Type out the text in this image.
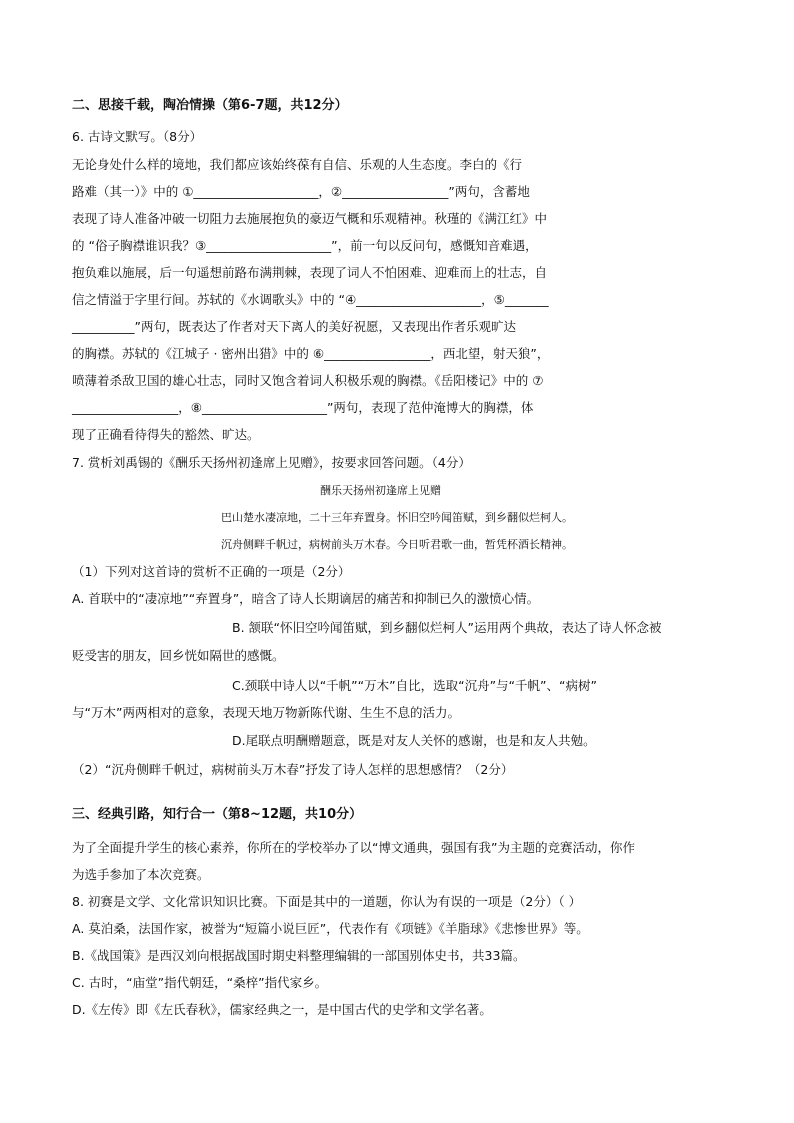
二、思接千载，陶冶情操（第6-7题，共12分）
6. 古诗文默写。（8分）
无论身处什么样的境地，我们都应该始终葆有自信、乐观的人生态度。李白的《行
路难（其一）》中的 ①____________________，②_________________”两句，含蓄地
表现了诗人准备冲破一切阻力去施展抱负的豪迈气概和乐观精神。秋瑾的《满江红》中
的 “俗子胸襟谁识我？③____________________”，前一句以反问句，感慨知音难遇，
抱负难以施展，后一句遥想前路布满荆棘，表现了词人不怕困难、迎难而上的壮志，自
信之情溢于字里行间。苏轼的《水调歌头》中的 “④____________________，⑤_______
__________”两句，既表达了作者对天下离人的美好祝愿，又表现出作者乐观旷达
的胸襟。苏轼的《江城子 · 密州出猎》中的 ⑥_________________，西北望，射天狼”，
喷薄着杀敌卫国的雄心壮志，同时又饱含着词人积极乐观的胸襟。《岳阳楼记》中的 ⑦
_________________，⑧____________________”两句，表现了范仲淹博大的胸襟，体
现了正确看待得失的豁然、旷达。
7. 赏析刘禹锡的《酬乐天扬州初逢席上见赠》，按要求回答问题。（4分）
酬乐天扬州初逢席上见赠
巴山楚水凄凉地，二十三年弃置身。怀旧空吟闻笛赋，到乡翻似烂柯人。
沉舟侧畔千帆过，病树前头万木春。今日听君歌一曲，暂凭杯酒长精神。
（1）下列对这首诗的赏析不正确的一项是（2分）
A. 首联中的“凄凉地”“弃置身”，暗含了诗人长期谪居的痛苦和抑制已久的激愤心情。
B. 颔联“怀旧空吟闻笛赋，到乡翻似烂柯人”运用两个典故，表达了诗人怀念被
贬受害的朋友，回乡恍如隔世的感慨。
C.颈联中诗人以“千帆”“万木”自比，选取“沉舟”与“千帆”、“病树”
与“万木”两两相对的意象，表现天地万物新陈代谢、生生不息的活力。
D.尾联点明酬赠题意，既是对友人关怀的感谢，也是和友人共勉。
（2）“沉舟侧畔千帆过，病树前头万木春”抒发了诗人怎样的思想感情？（2分）
三、经典引路，知行合一（第8~12题，共10分）
为了全面提升学生的核心素养，你所在的学校举办了以“博文通典，强国有我”为主题的竞赛活动，你作
为选手参加了本次竞赛。
8. 初赛是文学、文化常识知识比赛。下面是其中的一道题，你认为有误的一项是（2分）（ ）
A. 莫泊桑，法国作家，被誉为“短篇小说巨匠”，代表作有《项链》《羊脂球》《悲惨世界》等。
B.《战国策》是西汉刘向根据战国时期史料整理编辑的一部国别体史书，共33篇。
C. 古时，“庙堂”指代朝廷，“桑梓”指代家乡。
D.《左传》即《左氏春秋》，儒家经典之一，是中国古代的史学和文学名著。
